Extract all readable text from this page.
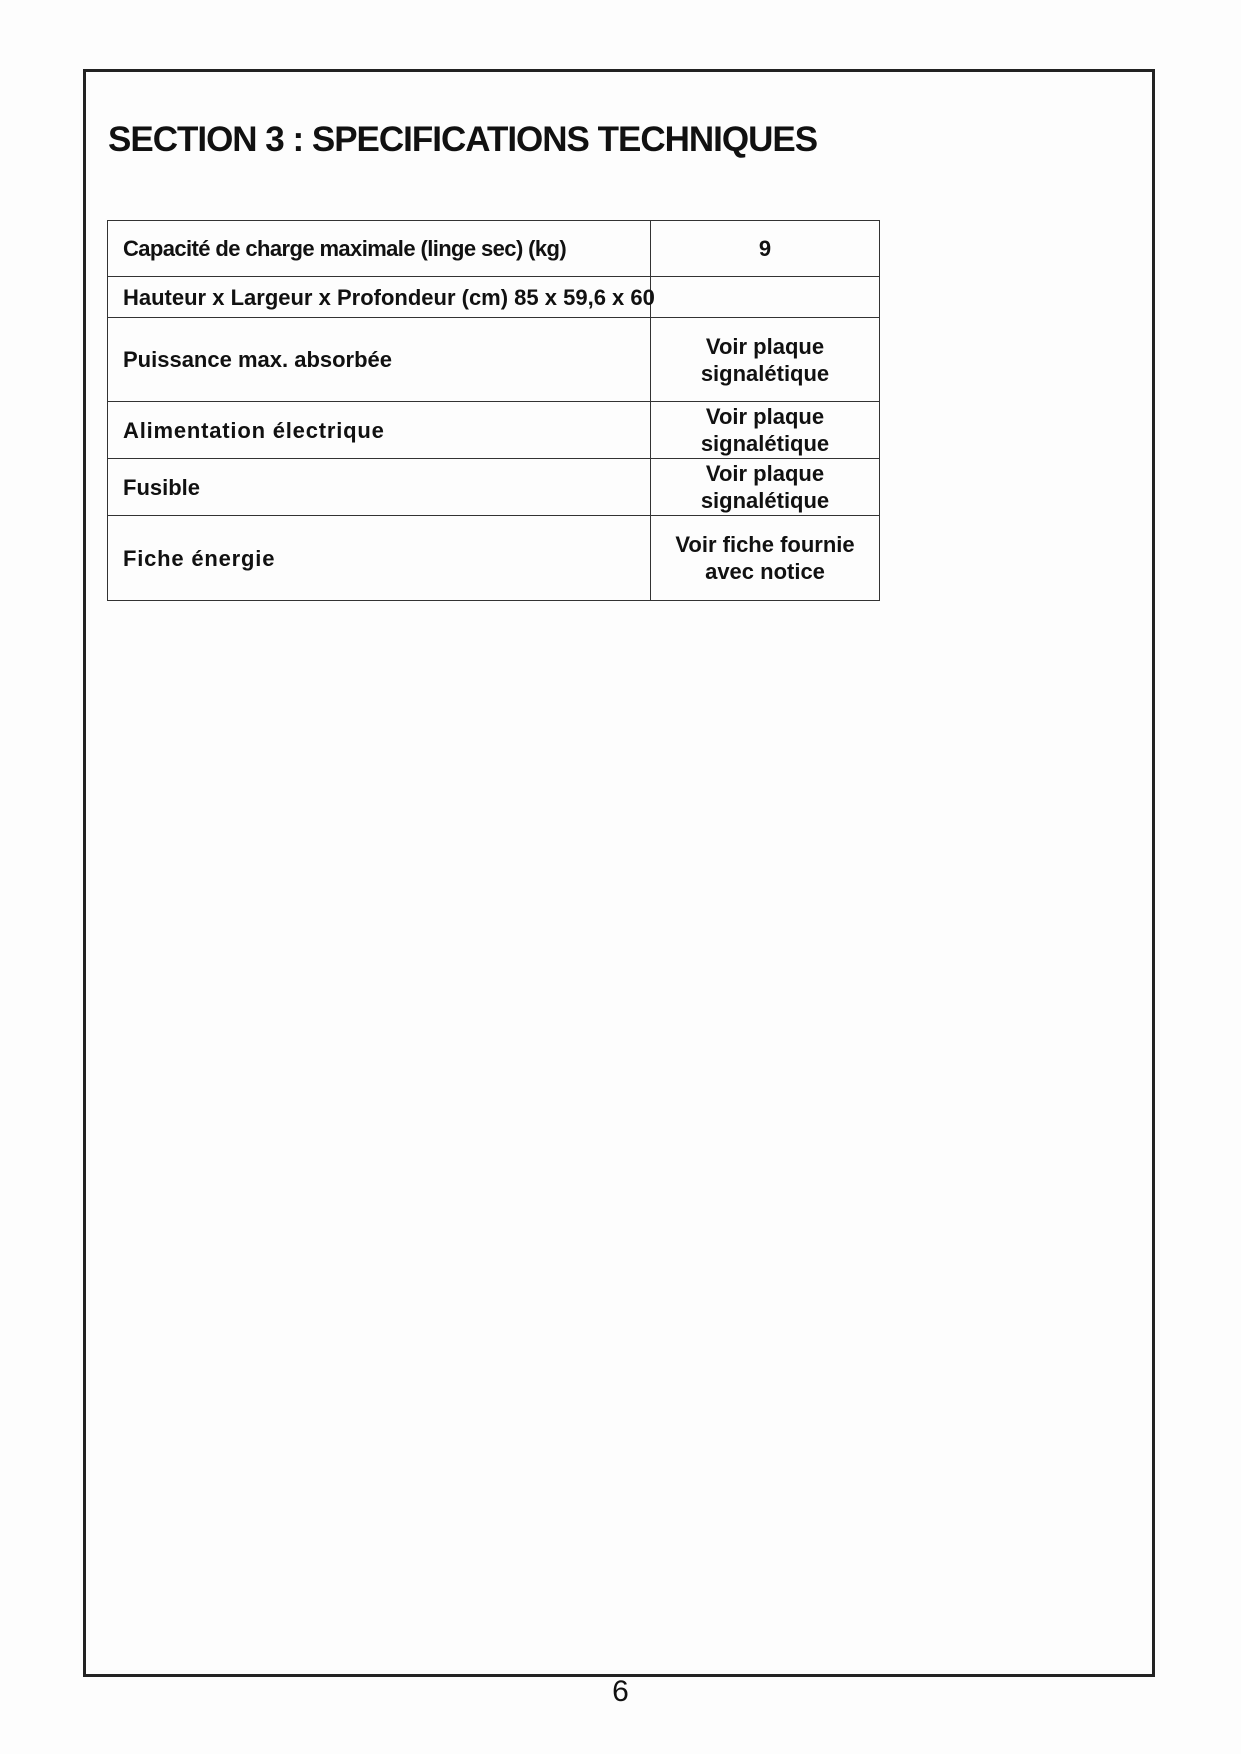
SECTION 3 : SPECIFICATIONS TECHNIQUES
Capacité de charge maximale (linge sec) (kg)	9
Hauteur x Largeur x Profondeur (cm) 85 x 59,6 x 60	
Puissance max. absorbée	Voir plaque signalétique
Alimentation électrique	Voir plaque signalétique
Fusible	Voir plaque signalétique
Fiche énergie	Voir fiche fournie avec notice
6
